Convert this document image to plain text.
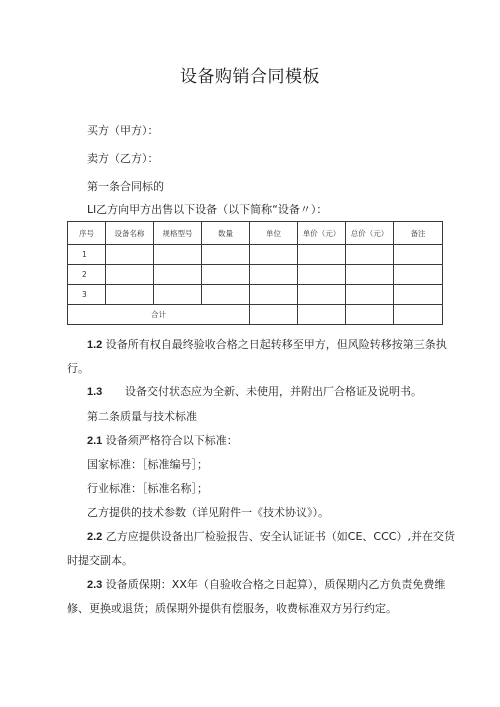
设备购销合同模板
买方（甲方）：
卖方（乙方）：
第一条合同标的
Ll乙方向甲方出售以下设备（以下简称“设备〃）：
序号	设备名称	规格型号	数量	单位	单价（元）	总价（元）	备注
1							
2							
3							
合计							
1.2 设备所有权自最终验收合格之日起转移至甲方，但风险转移按第三条执
行。
1.3 设备交付状态应为全新、未使用，并附出厂合格证及说明书。
第二条质量与技术标准
2.1 设备须严格符合以下标准：
国家标准：［标准编号］；
行业标准：［标准名称］；
乙方提供的技术参数（详见附件一《技术协议》）。
2.2 乙方应提供设备出厂检验报告、安全认证证书（如CE、CCC）,并在交货
时提交副本。
2.3 设备质保期：XX年（自验收合格之日起算），质保期内乙方负责免费维
修、更换或退货；质保期外提供有偿服务，收费标准双方另行约定。
